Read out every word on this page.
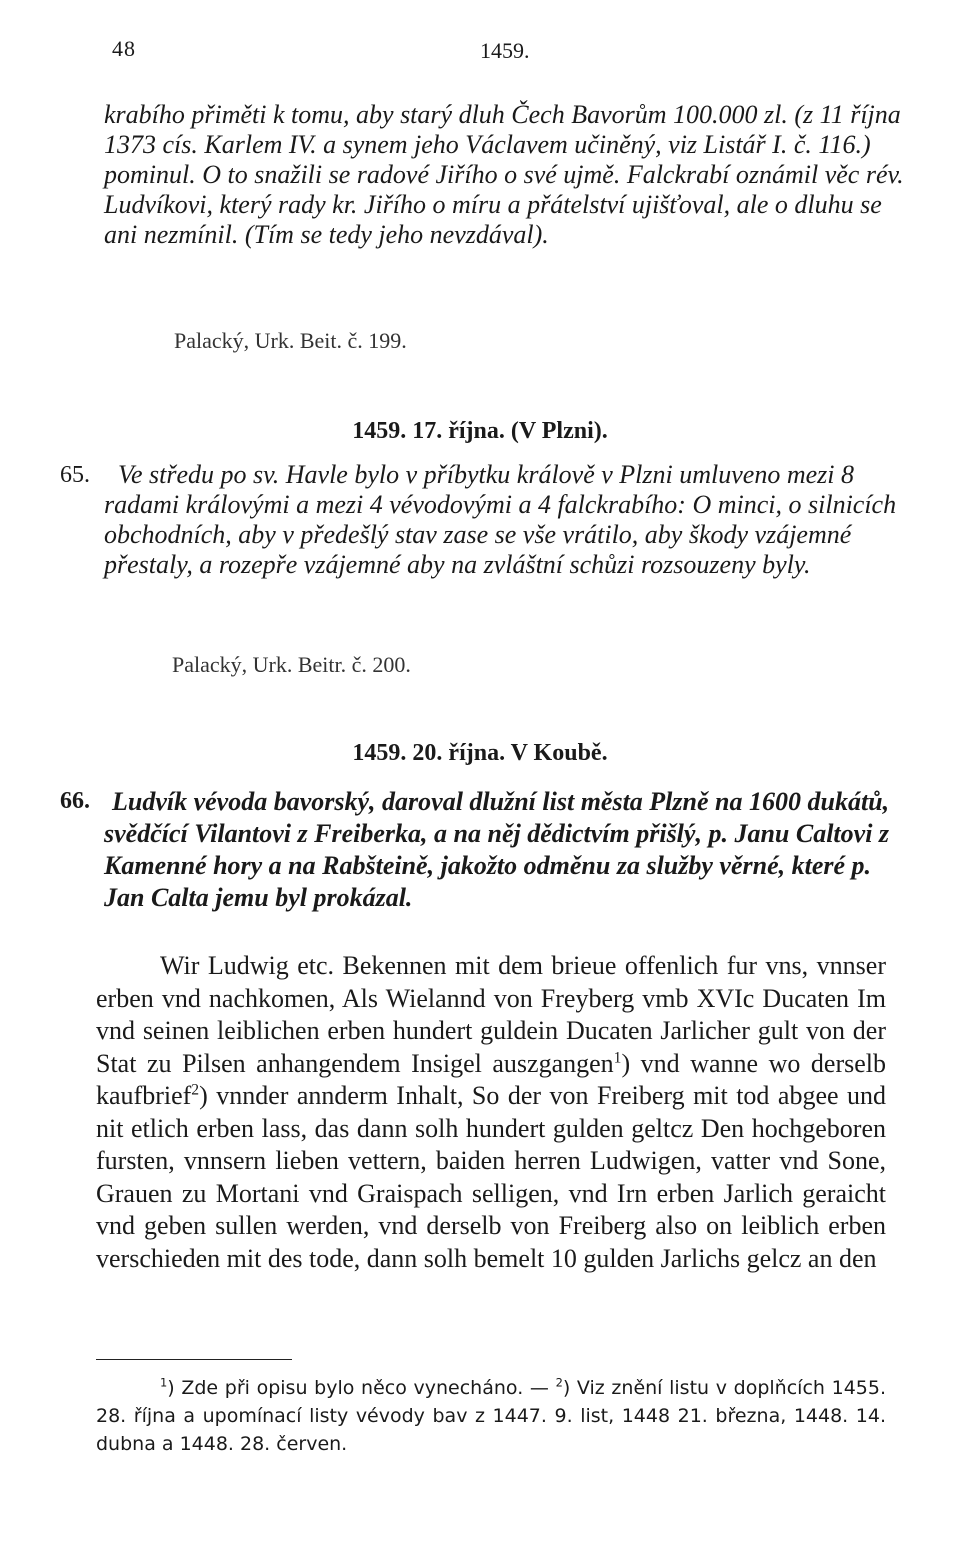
48	1459.
krabího přiměti k tomu, aby starý dluh Čech Bavorům 100.000 zl. (z 11 října 1373 cís. Karlem IV. a synem jeho Václavem učiněný, viz Listář I. č. 116.) pominul. O to snažili se radové Jiřího o své ujmě. Falckrabí oznámil věc rév. Ludvíkovi, který rady kr. Jiřího o míru a přátelství ujišťoval, ale o dluhu se ani nezmínil. (Tím se tedy jeho nevzdával).
Palacký, Urk. Beit. č. 199.
1459. 17. října. (V Plzni).
65.	Ve středu po sv. Havle bylo v příbytku králově v Plzni umluveno mezi 8 radami královými a mezi 4 vévodovými a 4 falckrabího: O minci, o silnicích obchodních, aby v předešlý stav zase se vše vrátilo, aby škody vzájemné přestaly, a rozepře vzájemné aby na zvláštní schůzi rozsouzeny byly.
Palacký, Urk. Beitr. č. 200.
1459. 20. října. V Koubě.
66. Ludvík vévoda bavorský, daroval dlužní list města Plzně na 1600 dukátů, svědčící Vilantovi z Freiberka, a na něj dědictvím přišlý, p. Janu Caltovi z Kamenné hory a na Rabšteině, jakožto odměnu za služby věrné, které p. Jan Calta jemu byl prokázal.

Wir Ludwig etc. Bekennen mit dem brieue offenlich fur vns, vnnser erben vnd nachkomen, Als Wielannd von Freyberg vmb XVIc Ducaten Im vnd seinen leiblichen erben hundert guldein Ducaten Jarlicher gult von der Stat zu Pilsen anhangendem Insigel auszgangen$^1$) vnd wanne wo derselb kaufbrief$^2$) vnnder annderm Inhalt, So der von Freiberg mit tod abgee und nit etlich erben lass, das dann solh hundert gulden geltcz Den hochgeboren fursten, vnnsern lieben vettern, baiden herren Ludwigen, vatter vnd Sone, Grauen zu Mortani vnd Graispach selligen, vnd Irn erben Jarlich geraicht vnd geben sullen werden, vnd derselb von Freiberg also on leiblich erben verschieden mit des tode, dann solh bemelt 10 gulden Jarlichs gelcz an den

$^1$) Zde při opisu bylo něco vynecháno. — $^2$) Viz znění listu v doplňcích 1455. 28. října a upomínací listy vévody bav z 1447. 9. list, 1448 21. března, 1448. 14. dubna a 1448. 28. červen.
